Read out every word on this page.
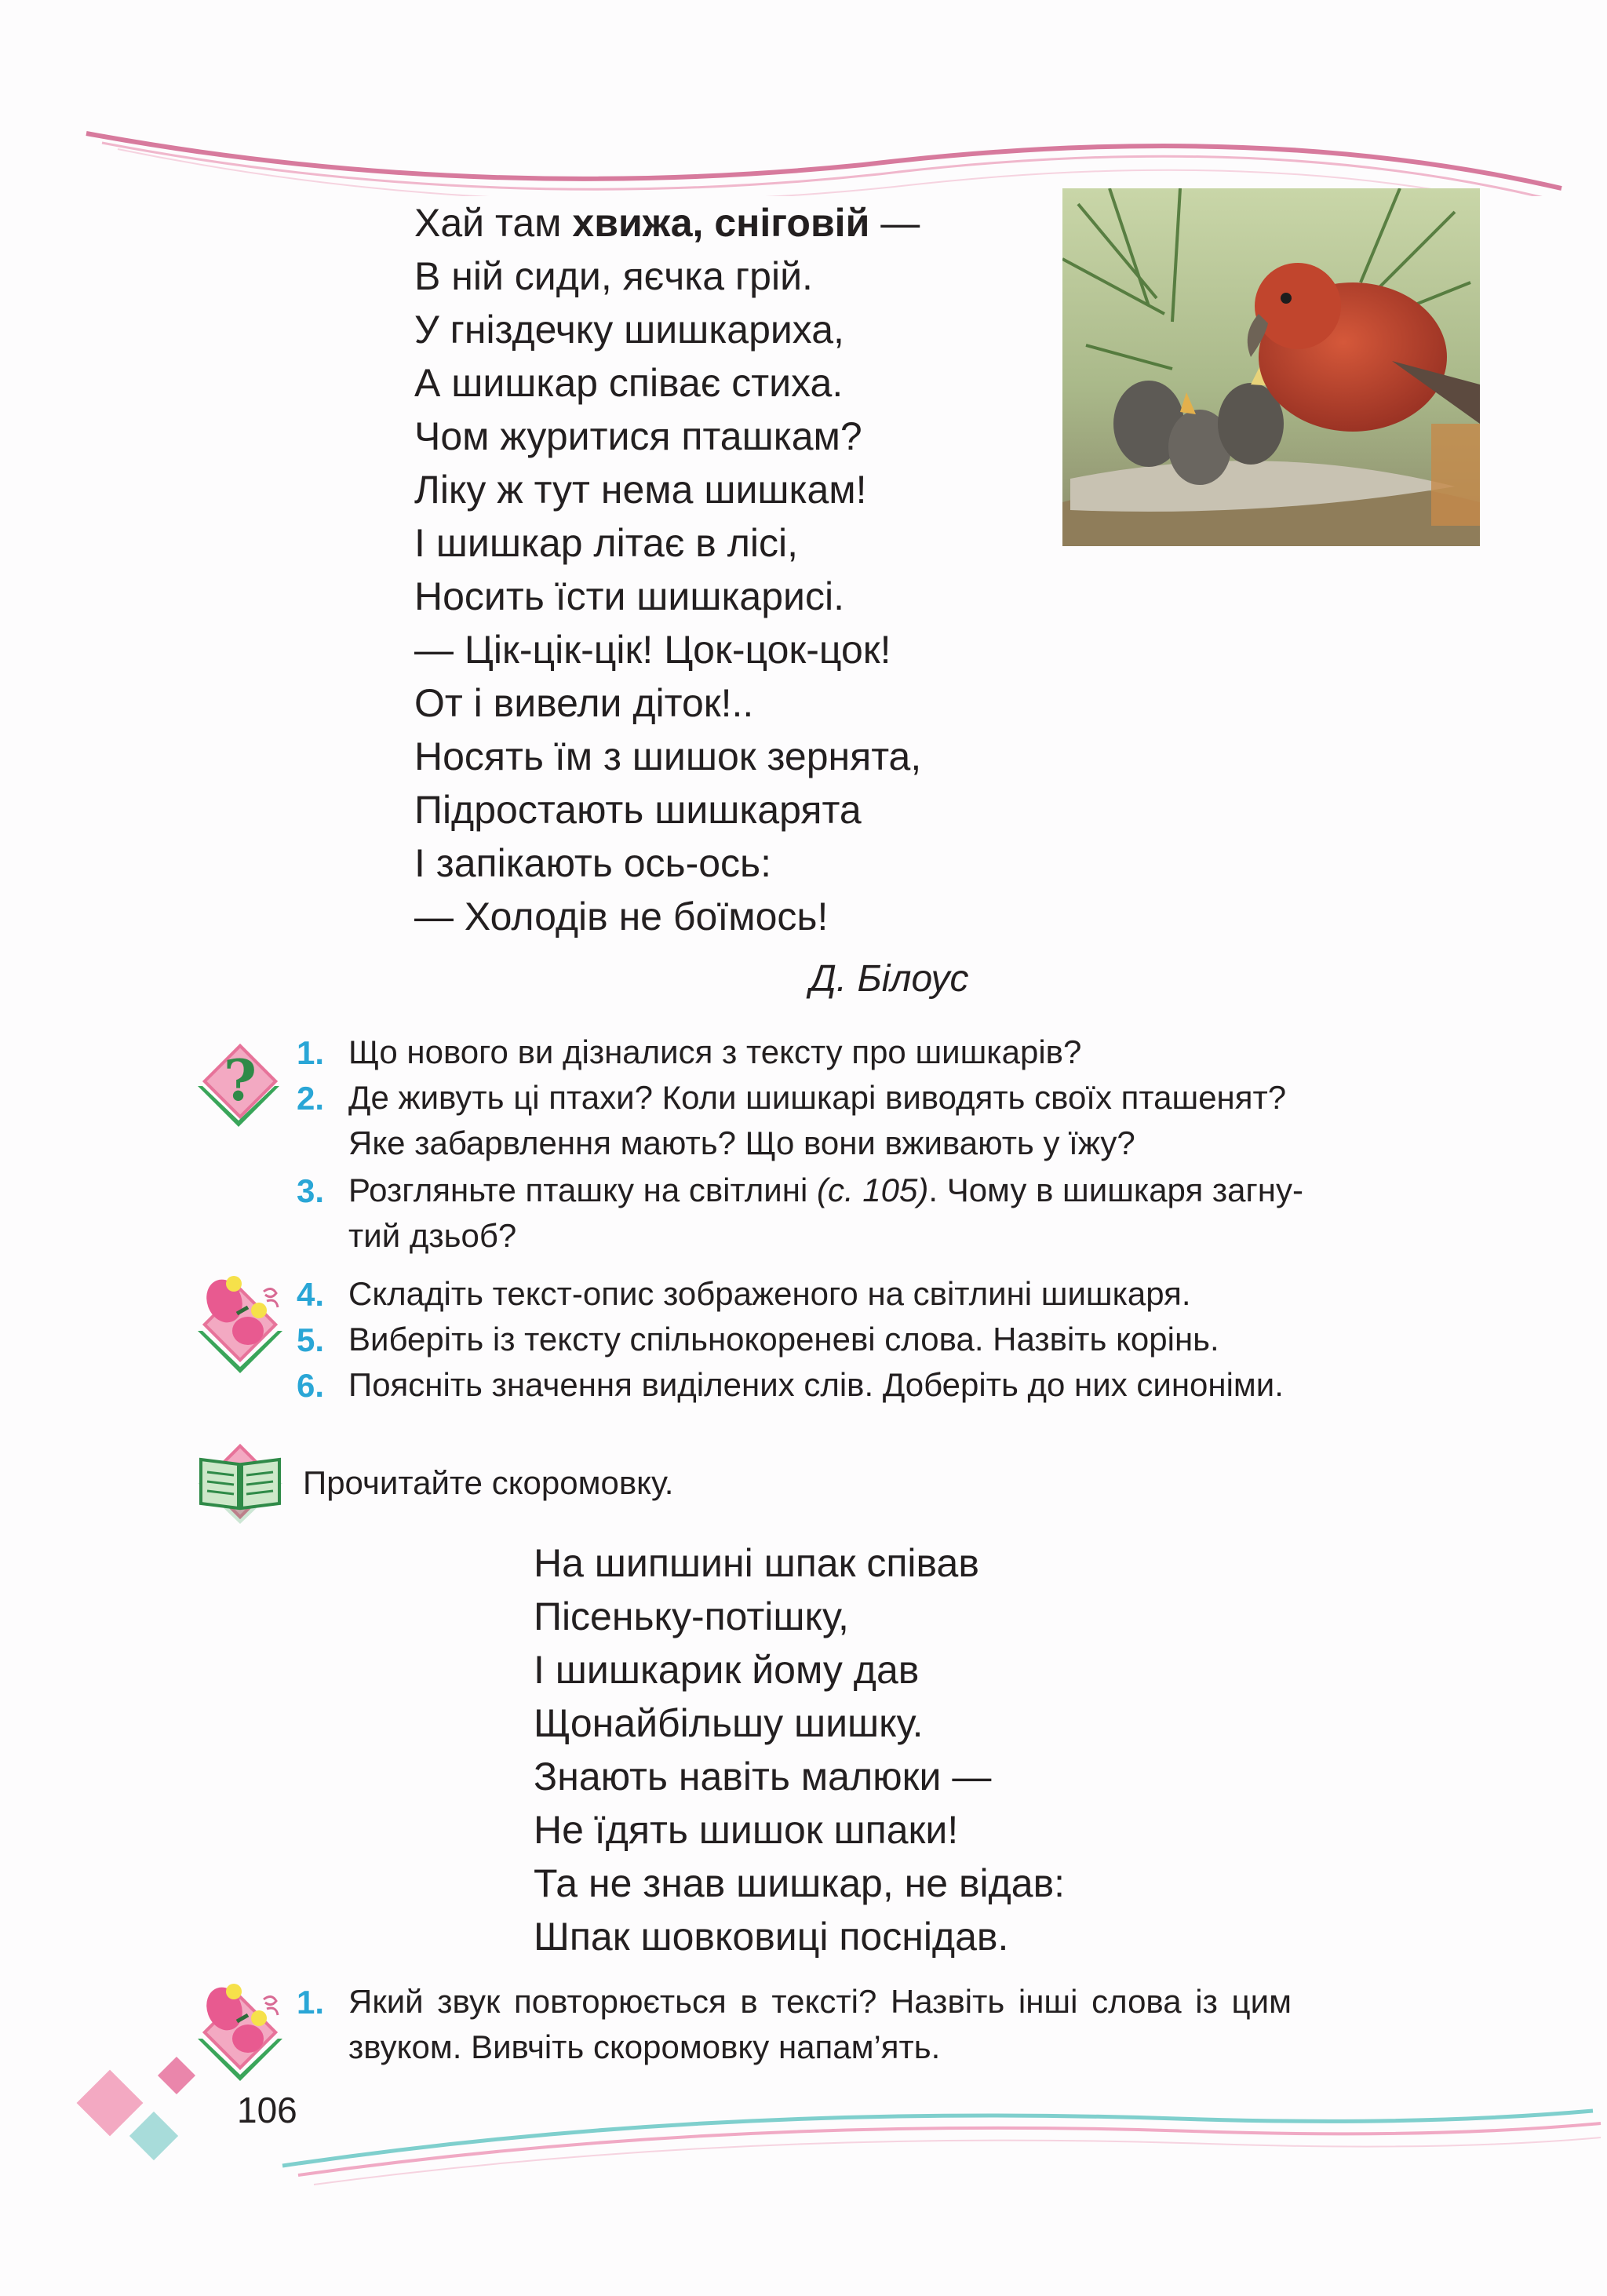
Хай там хвижа, сніговій —
В ній сиди, яєчка грій.
У гніздечку шишкариха,
А шишкар співає стиха.
Чом журитися пташкам?
Ліку ж тут нема шишкам!
І шишкар літає в лісі,
Носить їсти шишкарисі.
— Цік-цік-цік! Цок-цок-цок!
От і вивели діток!..
Носять їм з шишок зернята,
Підростають шишкарята
І запікають ось-ось:
— Холодів не боїмось!
Д. Білоус
? 1. Що нового ви дізналися з тексту про шишкарів?
2. Де живуть ці птахи? Коли шишкарі виводять своїх пташенят?
Яке забарвлення мають? Що вони вживають у їжу?
3. Розгляньте пташку на світлині (с. 105). Чому в шишкаря загну-
тий дзьоб?
4. Складіть текст-опис зображеного на світлині шишкаря.
5. Виберіть із тексту спільнокореневі слова. Назвіть корінь.
6. Поясніть значення виділених слів. Доберіть до них синоніми.
Прочитайте скоромовку.
На шипшині шпак співав
Пісеньку-потішку,
І шишкарик йому дав
Щонайбільшу шишку.
Знають навіть малюки —
Не їдять шишок шпаки!
Та не знав шишкар, не відав:
Шпак шовковиці поснідав.
1. Який звук повторюється в тексті? Назвіть інші слова із цим
звуком. Вивчіть скоромовку напам’ять.
106
